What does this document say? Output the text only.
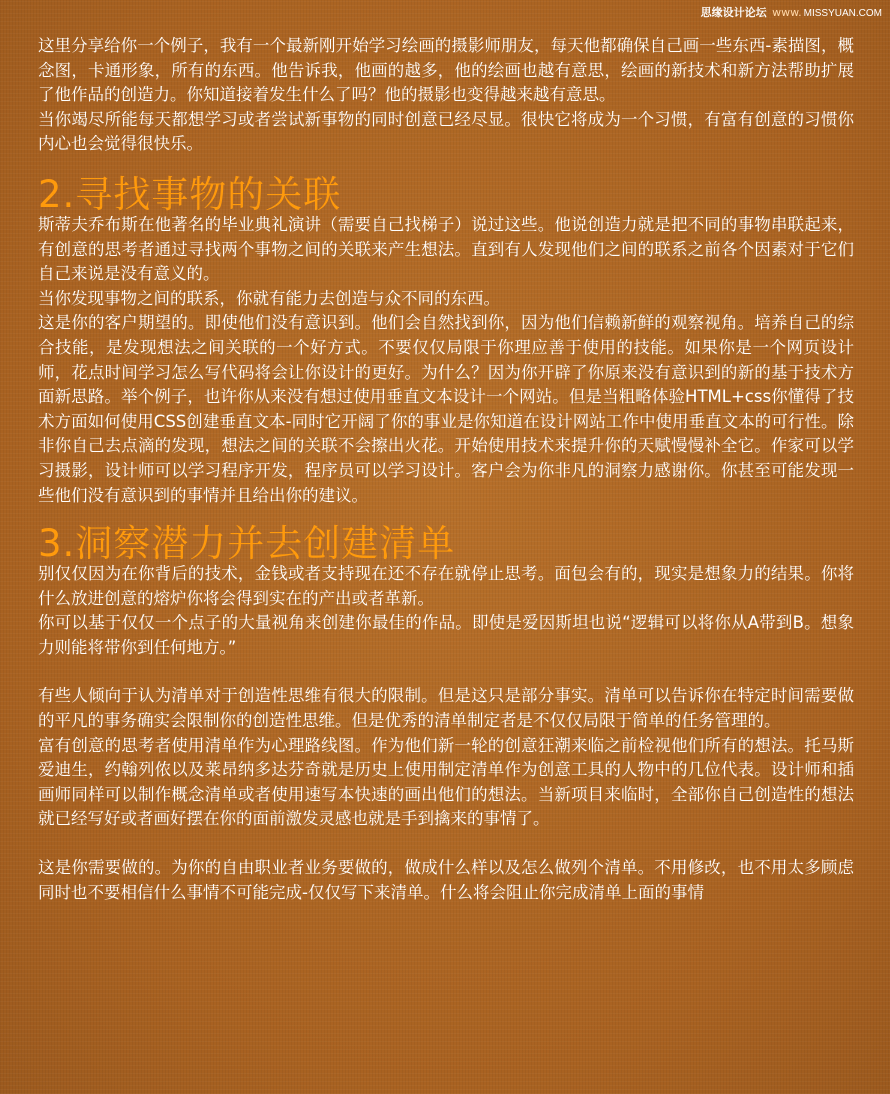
思缘设计论坛 www. MISSYUAN.COM

这里分享给你一个例子，我有一个最新刚开始学习绘画的摄影师朋友，每天他都确保自己画一些东西-素描图，概念图，卡通形象，所有的东西。他告诉我，他画的越多，他的绘画也越有意思，绘画的新技术和新方法帮助扩展了他作品的创造力。你知道接着发生什么了吗？他的摄影也变得越来越有意思。

当你竭尽所能每天都想学习或者尝试新事物的同时创意已经尽显。很快它将成为一个习惯，有富有创意的习惯你内心也会觉得很快乐。

2.寻找事物的关联

斯蒂夫乔布斯在他著名的毕业典礼演讲（需要自己找梯子）说过这些。他说创造力就是把不同的事物串联起来，有创意的思考者通过寻找两个事物之间的关联来产生想法。直到有人发现他们之间的联系之前各个因素对于它们自己来说是没有意义的。

当你发现事物之间的联系，你就有能力去创造与众不同的东西。

这是你的客户期望的。即使他们没有意识到。他们会自然找到你，因为他们信赖新鲜的观察视角。培养自己的综合技能，是发现想法之间关联的一个好方式。不要仅仅局限于你理应善于使用的技能。如果你是一个网页设计师，花点时间学习怎么写代码将会让你设计的更好。为什么？因为你开辟了你原来没有意识到的新的基于技术方面新思路。举个例子，也许你从来没有想过使用垂直文本设计一个网站。但是当粗略体验HTML+css你懂得了技术方面如何使用CSS创建垂直文本-同时它开阔了你的事业是你知道在设计网站工作中使用垂直文本的可行性。除非你自己去点滴的发现，想法之间的关联不会擦出火花。开始使用技术来提升你的天赋慢慢补全它。作家可以学习摄影，设计师可以学习程序开发，程序员可以学习设计。客户会为你非凡的洞察力感谢你。你甚至可能发现一些他们没有意识到的事情并且给出你的建议。

3.洞察潜力并去创建清单

别仅仅因为在你背后的技术，金钱或者支持现在还不存在就停止思考。面包会有的，现实是想象力的结果。你将什么放进创意的熔炉你将会得到实在的产出或者革新。

你可以基于仅仅一个点子的大量视角来创建你最佳的作品。即使是爱因斯坦也说“逻辑可以将你从A带到B。想象力则能将带你到任何地方。”

有些人倾向于认为清单对于创造性思维有很大的限制。但是这只是部分事实。清单可以告诉你在特定时间需要做的平凡的事务确实会限制你的创造性思维。但是优秀的清单制定者是不仅仅局限于简单的任务管理的。

富有创意的思考者使用清单作为心理路线图。作为他们新一轮的创意狂潮来临之前检视他们所有的想法。托马斯爱迪生，约翰列侬以及莱昂纳多达芬奇就是历史上使用制定清单作为创意工具的人物中的几位代表。设计师和插画师同样可以制作概念清单或者使用速写本快速的画出他们的想法。当新项目来临时，全部你自己创造性的想法就已经写好或者画好摆在你的面前激发灵感也就是手到擒来的事情了。

这是你需要做的。为你的自由职业者业务要做的，做成什么样以及怎么做列个清单。不用修改，也不用太多顾虑同时也不要相信什么事情不可能完成-仅仅写下来清单。什么将会阻止你完成清单上面的事情
